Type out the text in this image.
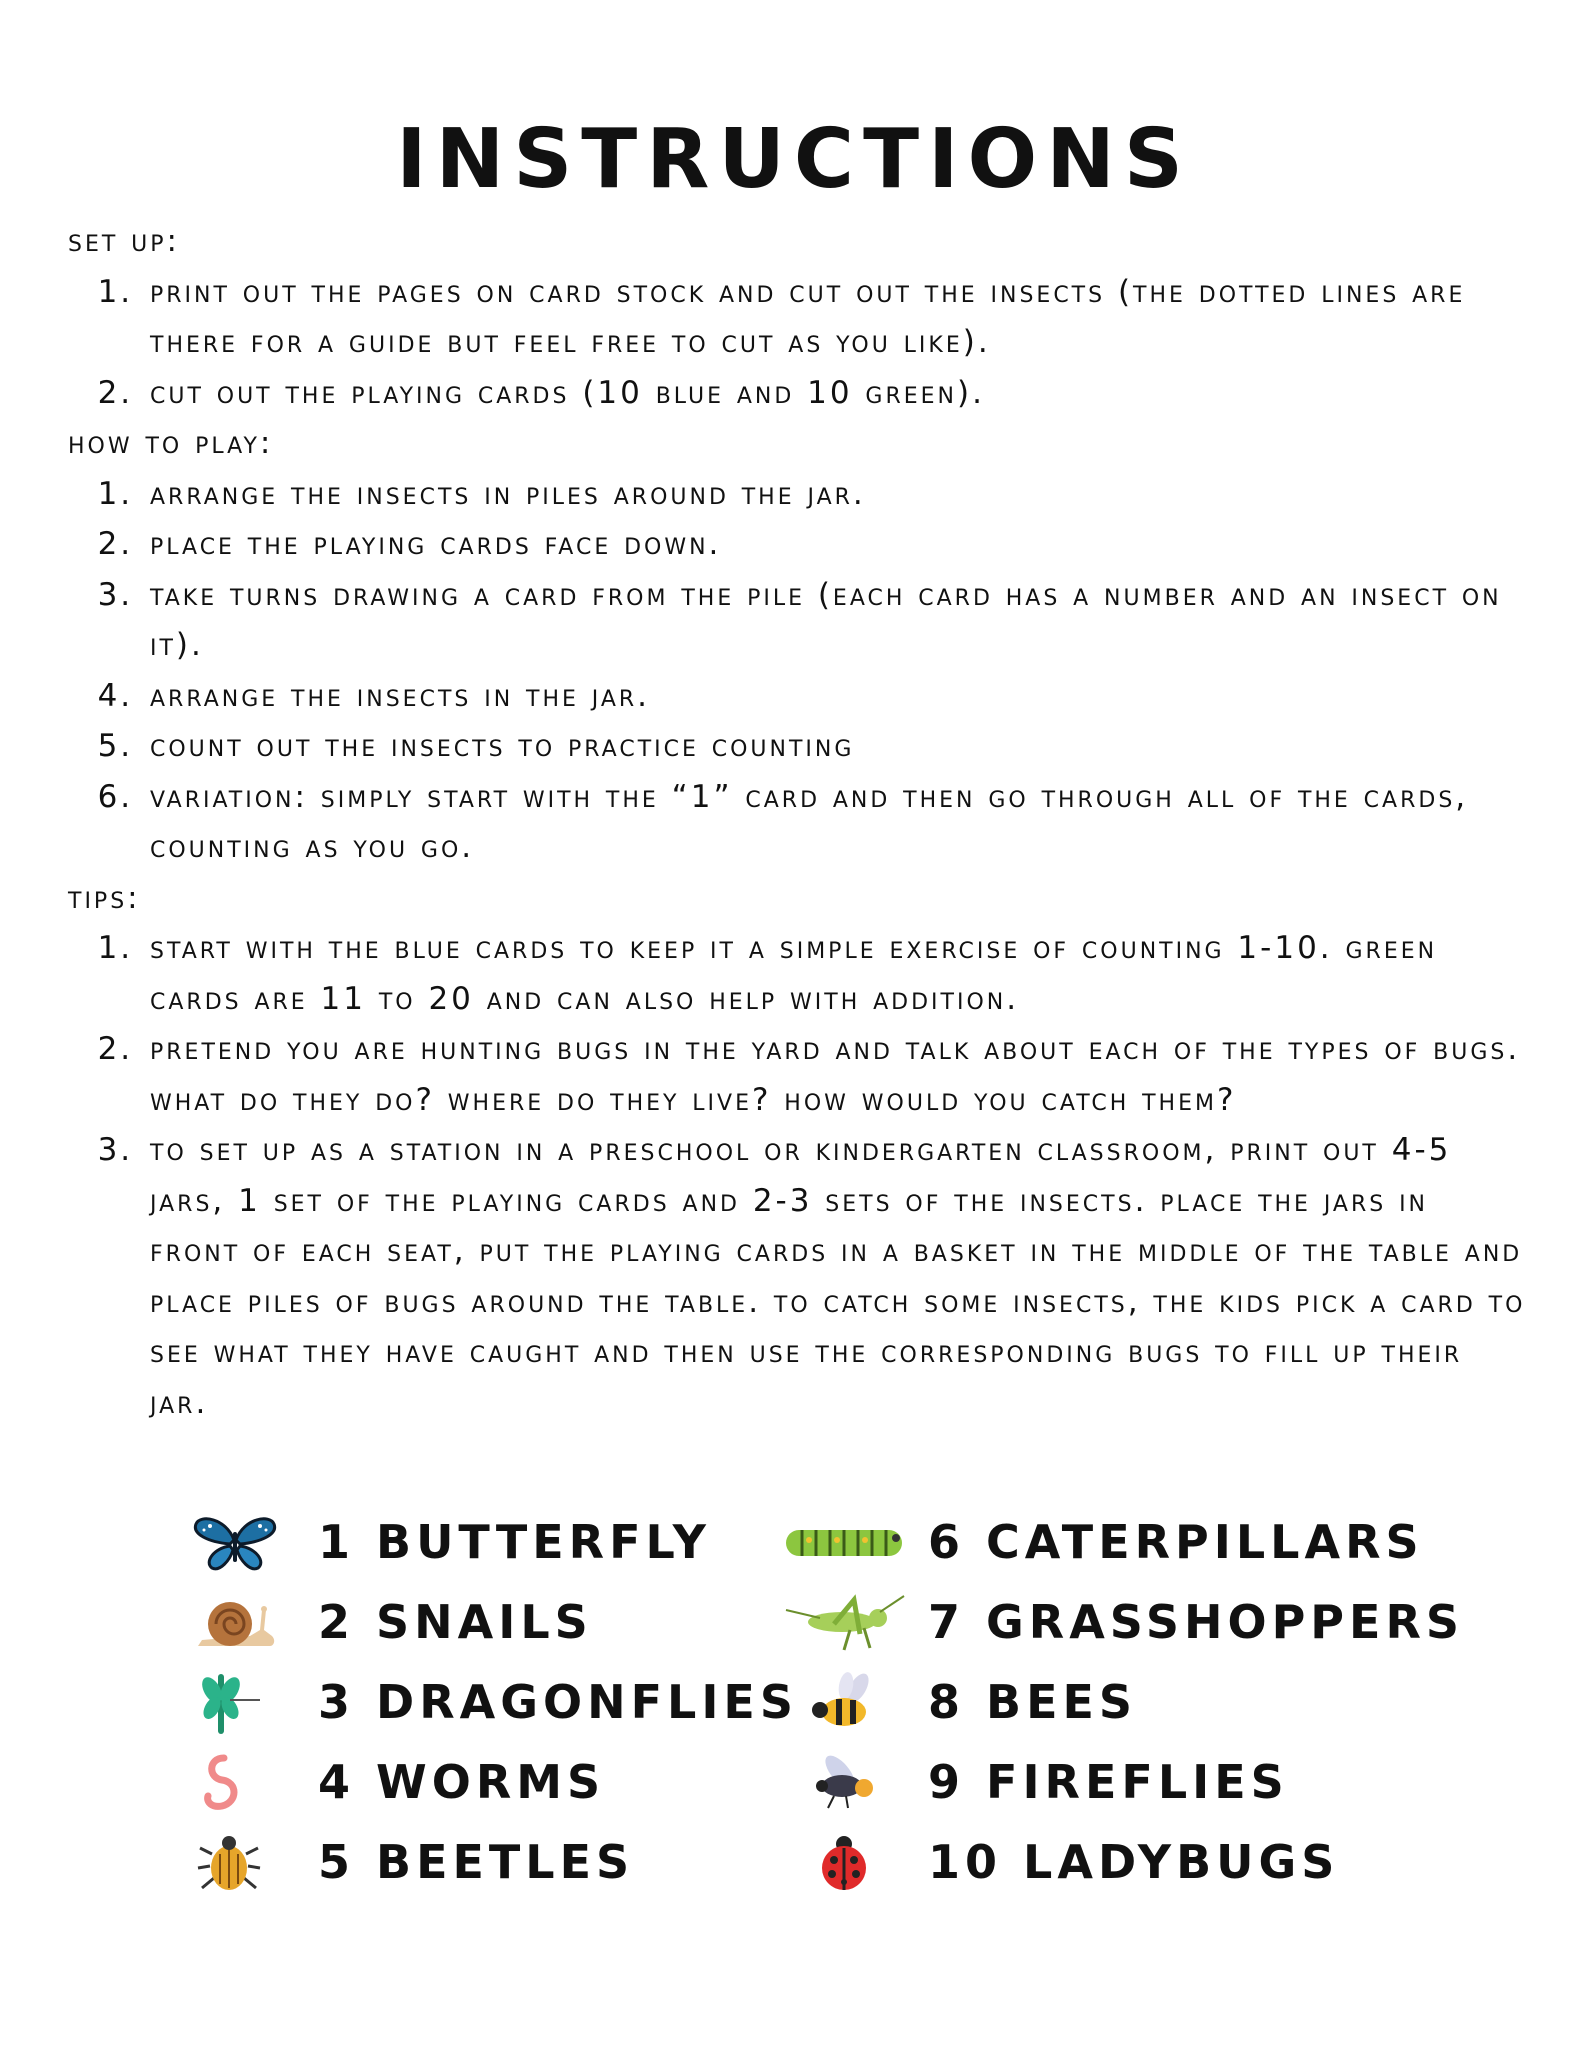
INSTRUCTIONS
set up:
1. print out the pages on card stock and cut out the insects (the dotted lines are there for a guide but feel free to cut as you like).
2. cut out the playing cards (10 blue and 10 green).
how to play:
1. arrange the insects in piles around the jar.
2. place the playing cards face down.
3. take turns drawing a card from the pile (each card has a number and an insect on it).
4. arrange the insects in the jar.
5. count out the insects to practice counting
6. variation: simply start with the “1” card and then go through all of the cards, counting as you go.
tips:
1. start with the blue cards to keep it a simple exercise of counting 1-10. green cards are 11 to 20 and can also help with addition.
2. pretend you are hunting bugs in the yard and talk about each of the types of bugs. what do they do? where do they live? how would you catch them?
3. to set up as a station in a preschool or kindergarten classroom, print out 4-5 jars, 1 set of the playing cards and 2-3 sets of the insects. place the jars in front of each seat, put the playing cards in a basket in the middle of the table and place piles of bugs around the table. to catch some insects, the kids pick a card to see what they have caught and then use the corresponding bugs to fill up their jar.
1 BUTTERFLY
2 SNAILS
3 DRAGONFLIES
4 WORMS
5 BEETLES
6 CATERPILLARS
7 GRASSHOPPERS
8 BEES
9 FIREFLIES
10 LADYBUGS
